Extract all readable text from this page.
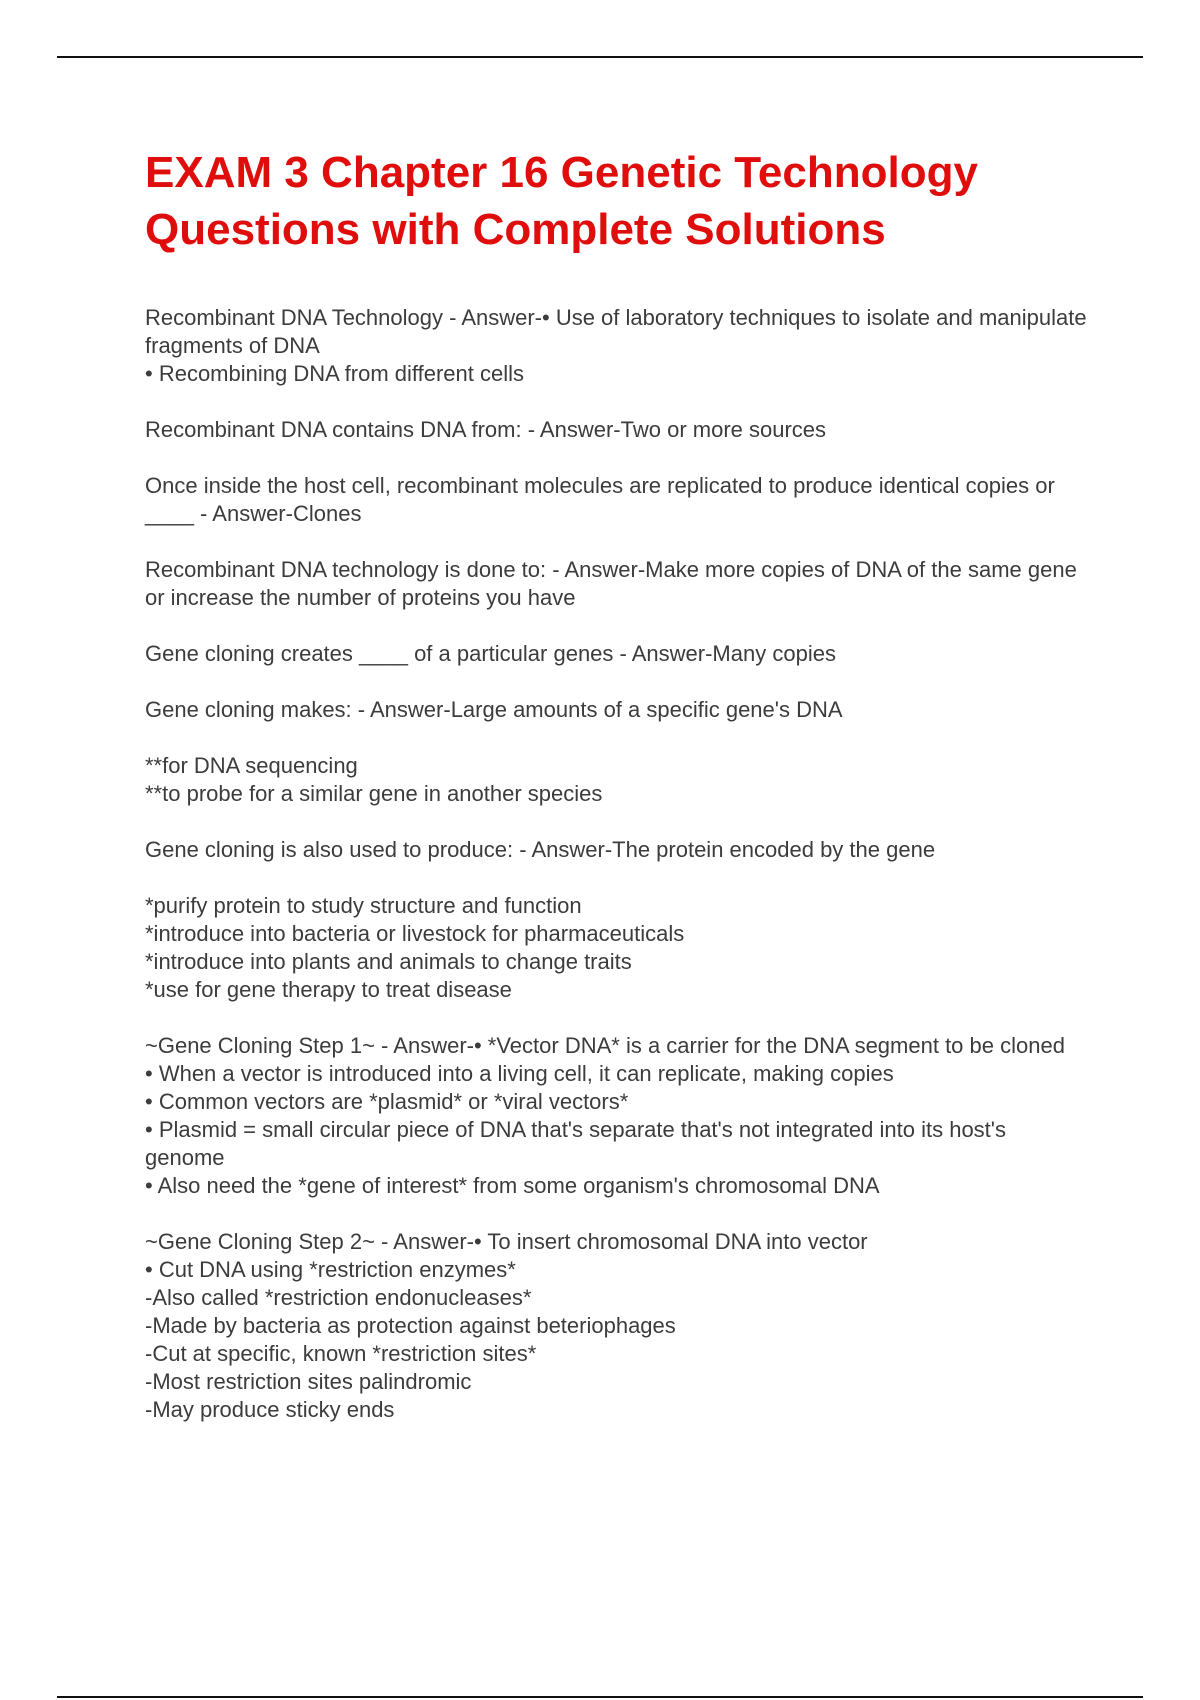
EXAM 3 Chapter 16 Genetic Technology
Questions with Complete Solutions
Recombinant DNA Technology - Answer-• Use of laboratory techniques to isolate and manipulate fragments of DNA
• Recombining DNA from different cells
Recombinant DNA contains DNA from: - Answer-Two or more sources
Once inside the host cell, recombinant molecules are replicated to produce identical copies or ____ - Answer-Clones
Recombinant DNA technology is done to: - Answer-Make more copies of DNA of the same gene or increase the number of proteins you have
Gene cloning creates ____ of a particular genes - Answer-Many copies
Gene cloning makes: - Answer-Large amounts of a specific gene's DNA
**for DNA sequencing
**to probe for a similar gene in another species
Gene cloning is also used to produce: - Answer-The protein encoded by the gene
*purify protein to study structure and function
*introduce into bacteria or livestock for pharmaceuticals
*introduce into plants and animals to change traits
*use for gene therapy to treat disease
~Gene Cloning Step 1~ - Answer-• *Vector DNA* is a carrier for the DNA segment to be cloned
• When a vector is introduced into a living cell, it can replicate, making copies
• Common vectors are *plasmid* or *viral vectors*
• Plasmid = small circular piece of DNA that's separate that's not integrated into its host's genome
• Also need the *gene of interest* from some organism's chromosomal DNA
~Gene Cloning Step 2~ - Answer-• To insert chromosomal DNA into vector
• Cut DNA using *restriction enzymes*
-Also called *restriction endonucleases*
-Made by bacteria as protection against beteriophages
-Cut at specific, known *restriction sites*
-Most restriction sites palindromic
-May produce sticky ends
